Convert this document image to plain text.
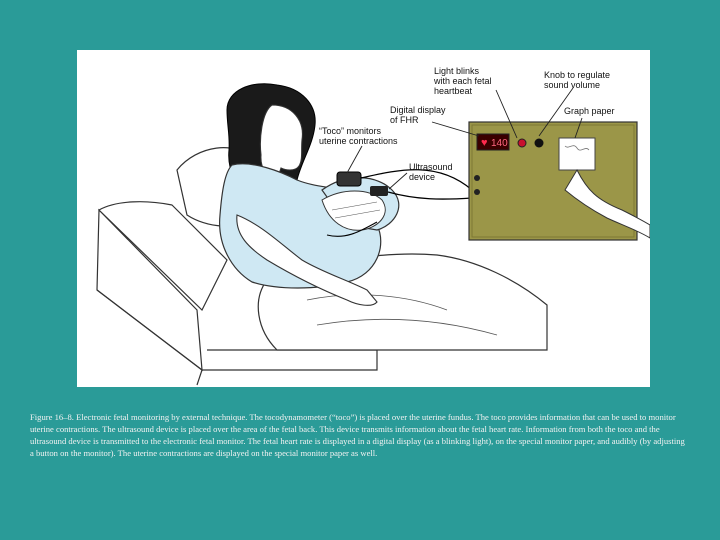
♥ 140
Light blinks with each fetal heartbeat
Knob to regulate sound volume
Graph paper
Digital display of FHR
“Toco” monitors uterine contractions
Ultrasound device

Figure 16–8. Electronic fetal monitoring by external technique. The tocodynamometer (“toco”) is placed over the uterine fundus. The toco provides information that can be used to monitor uterine contractions. The ultrasound device is placed over the area of the fetal back. This device transmits information about the fetal heart rate. Information from both the toco and the ultrasound device is transmitted to the electronic fetal monitor. The fetal heart rate is displayed in a digital display (as a blinking light), on the special monitor paper, and audibly (by adjusting a button on the monitor). The uterine contractions are displayed on the special monitor paper as well.
